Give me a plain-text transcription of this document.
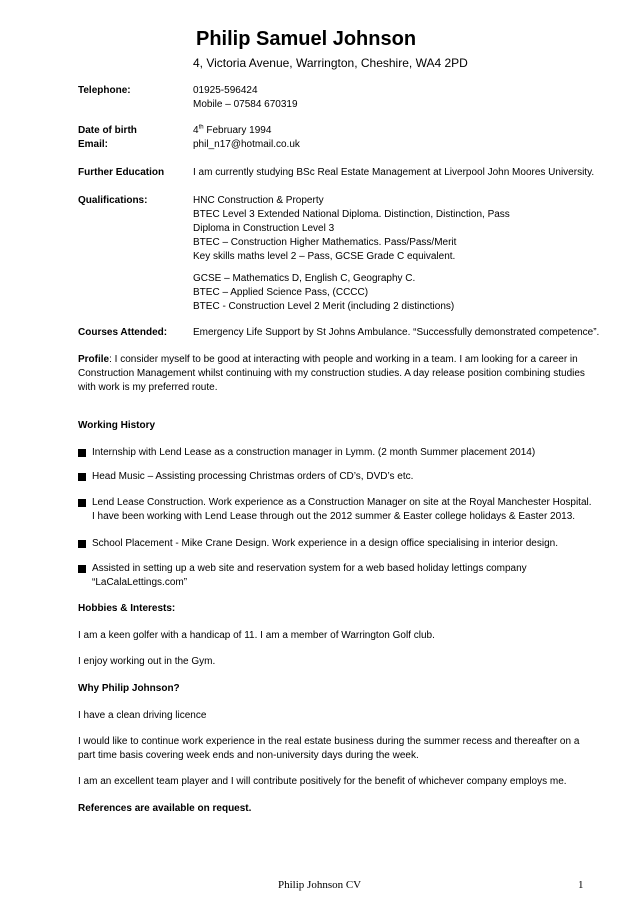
Philip Samuel Johnson
4, Victoria Avenue, Warrington, Cheshire, WA4 2PD
Telephone:	01925-596424
Mobile – 07584 670319
Date of birth	4th February 1994
Email:	phil_n17@hotmail.co.uk
Further Education	I am currently studying BSc Real Estate Management at Liverpool John Moores University.
Qualifications:	HNC Construction & Property
BTEC Level 3 Extended National Diploma. Distinction, Distinction, Pass
Diploma in Construction Level 3
BTEC – Construction Higher Mathematics. Pass/Pass/Merit
Key skills maths level 2 – Pass, GCSE Grade C equivalent.
GCSE – Mathematics D, English C, Geography C.
BTEC – Applied Science Pass, (CCCC)
BTEC - Construction Level 2 Merit (including 2 distinctions)
Courses Attended:	Emergency Life Support by St Johns Ambulance. “Successfully demonstrated competence”.
Profile: I consider myself to be good at interacting with people and working in a team. I am looking for a career in Construction Management whilst continuing with my construction studies. A day release position combining studies with work is my preferred route.
Working History
Internship with Lend Lease as a construction manager in Lymm. (2 month Summer placement 2014)
Head Music – Assisting processing Christmas orders of CD’s, DVD’s etc.
Lend Lease Construction. Work experience as a Construction Manager on site at the Royal Manchester Hospital. I have been working with Lend Lease through out the 2012 summer & Easter college holidays & Easter 2013.
School Placement - Mike Crane Design. Work experience in a design office specialising in interior design.
Assisted in setting up a web site and reservation system for a web based holiday lettings company “LaCalaLettings.com”
Hobbies & Interests:
I am a keen golfer with a handicap of 11. I am a member of Warrington Golf club.
I enjoy working out in the Gym.
Why Philip Johnson?
I have a clean driving licence
I would like to continue work experience in the real estate business during the summer recess and thereafter on a part time basis covering week ends and non-university days during the week.
I am an excellent team player and I will contribute positively for the benefit of whichever company employs me.
References are available on request.
Philip Johnson CV	1
